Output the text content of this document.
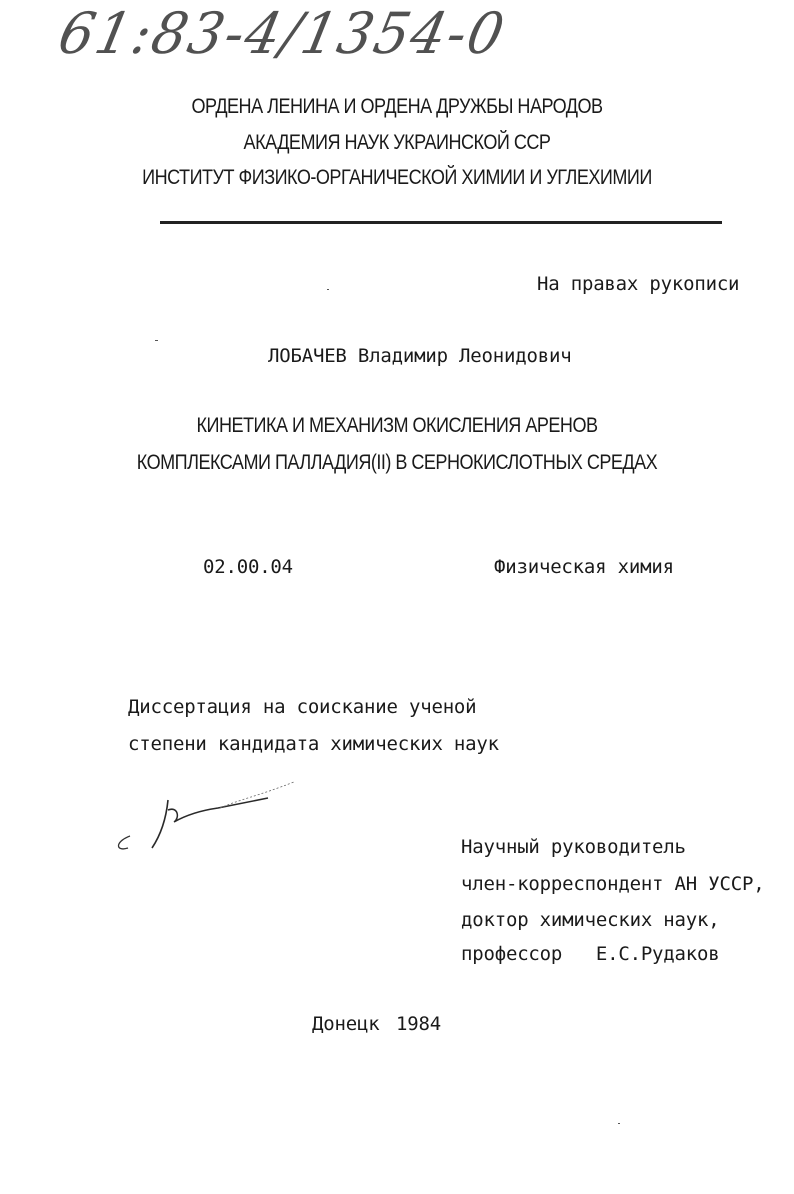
61:83-4/1354-0
ОРДЕНА ЛЕНИНА И ОРДЕНА ДРУЖБЫ НАРОДОВ
АКАДЕМИЯ НАУК УКРАИНСКОЙ ССР
ИНСТИТУТ ФИЗИКО-ОРГАНИЧЕСКОЙ ХИМИИ И УГЛЕХИМИИ
На правах рукописи
ЛОБАЧЕВ Владимир Леонидович
КИНЕТИКА И МЕХАНИЗМ ОКИСЛЕНИЯ АРЕНОВ
КОМПЛЕКСАМИ ПАЛЛАДИЯ(II) В СЕРНОКИСЛОТНЫХ СРЕДАХ
02.00.04	Физическая химия
Диссертация на соискание ученой
степени кандидата химических наук
Научный руководитель
член-корреспондент АН УССР,
доктор химических наук,
профессор   Е.С.Рудаков
Донецк 1984
